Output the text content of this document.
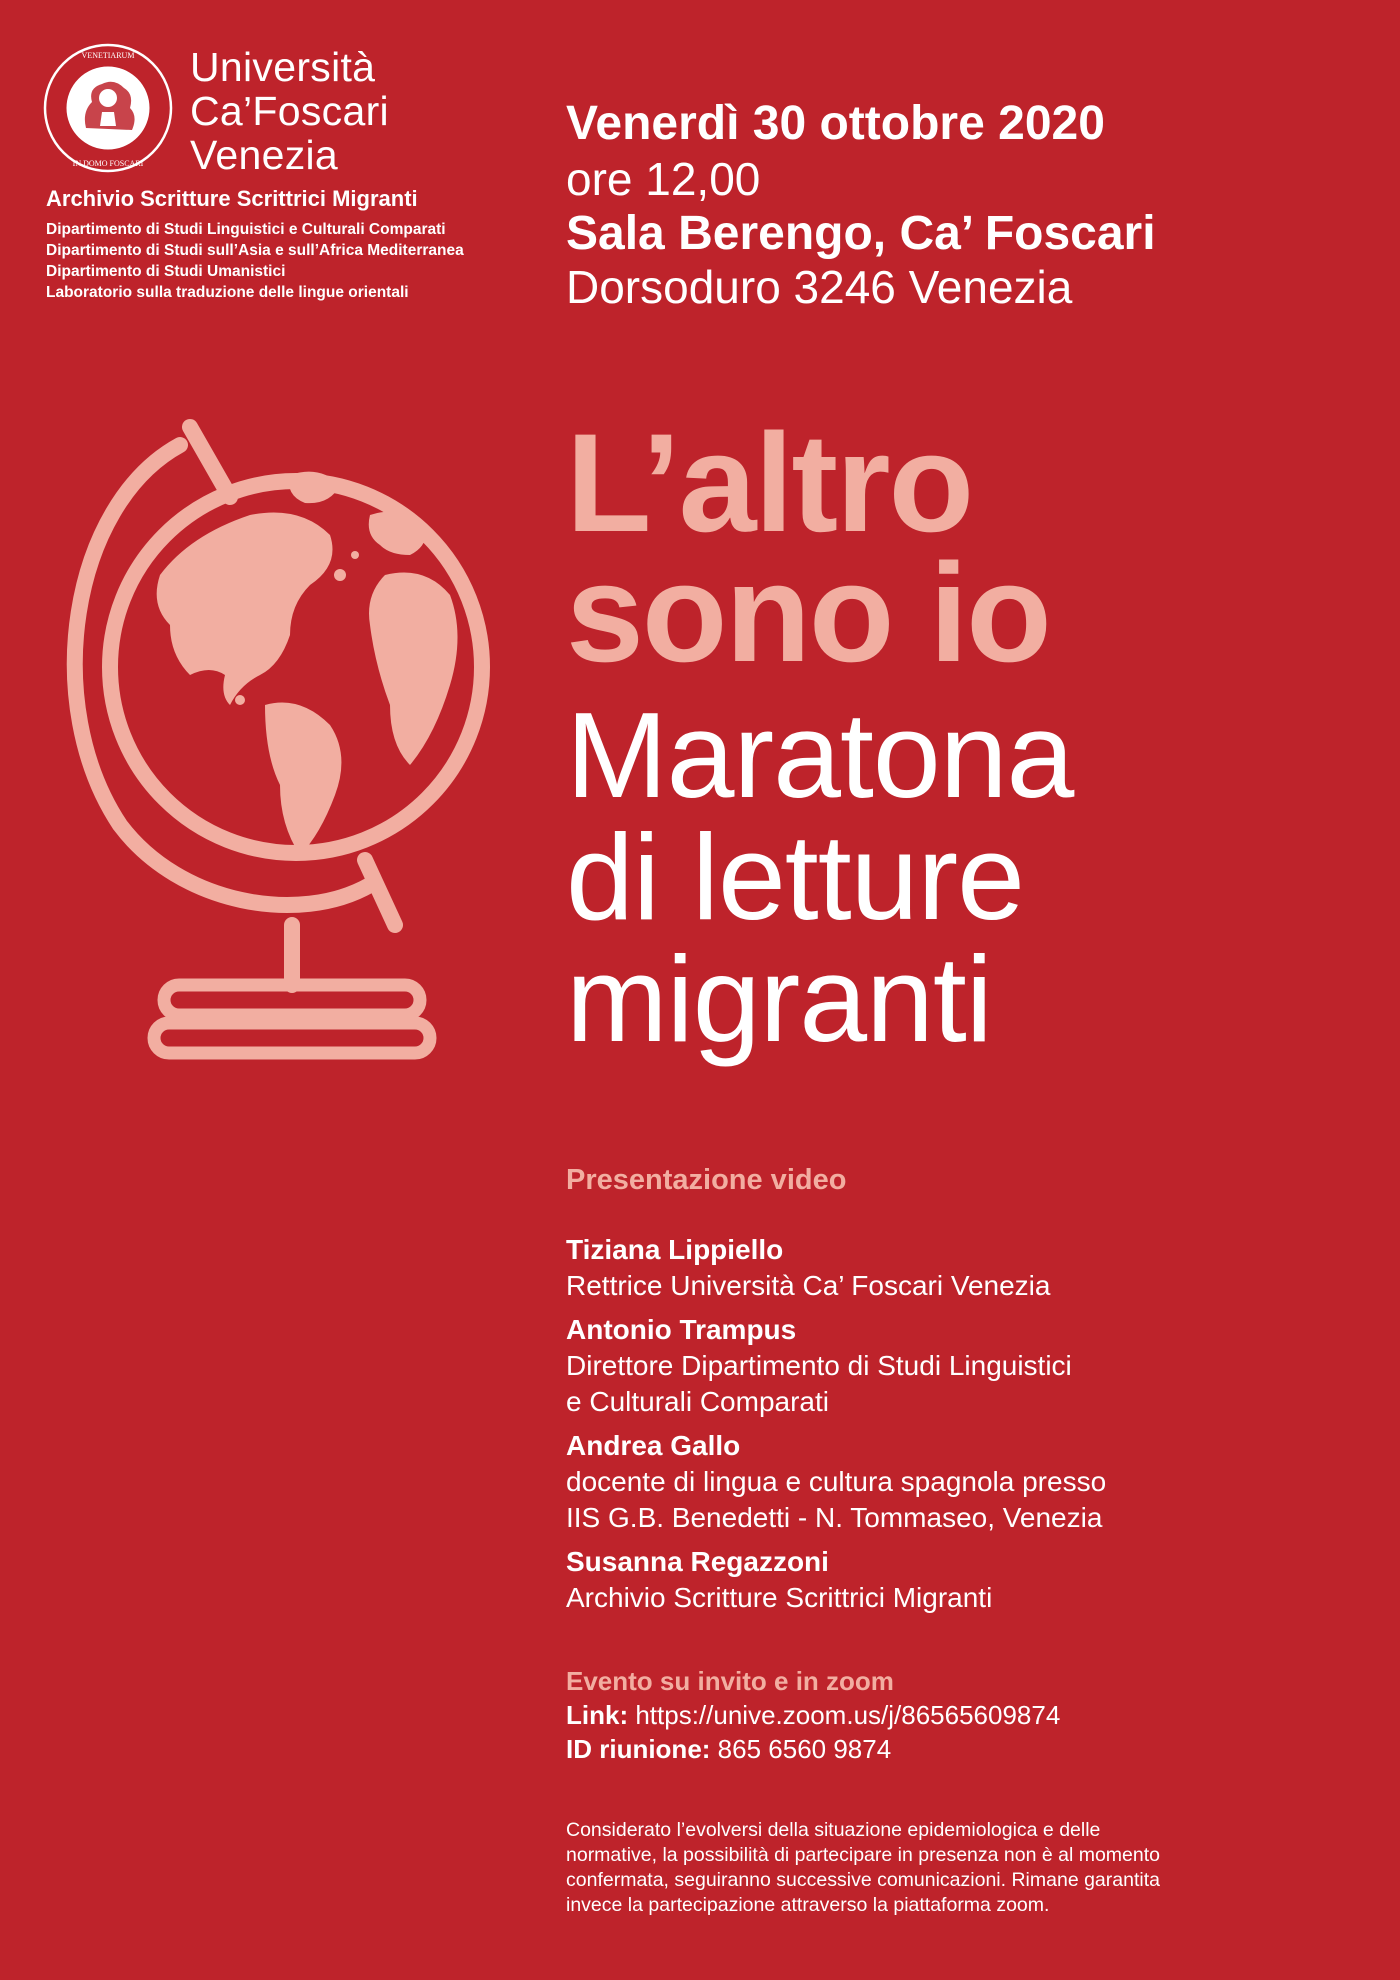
VENETIARUM
IN DOMO FOSCARI
Università
Ca’Foscari
Venezia
Archivio Scritture Scrittrici Migranti
Dipartimento di Studi Linguistici e Culturali Comparati
Dipartimento di Studi sull’Asia e sull’Africa Mediterranea
Dipartimento di Studi Umanistici
Laboratorio sulla traduzione delle lingue orientali
Venerdì 30 ottobre 2020
ore 12,00
Sala Berengo, Ca’ Foscari
Dorsoduro 3246 Venezia
L’altro
sono io
Maratona
di letture
migranti
Presentazione video
Tiziana Lippiello
Rettrice Università Ca’ Foscari Venezia
Antonio Trampus
Direttore Dipartimento di Studi Linguistici
e Culturali Comparati
Andrea Gallo
docente di lingua e cultura spagnola presso
IIS G.B. Benedetti - N. Tommaseo, Venezia
Susanna Regazzoni
Archivio Scritture Scrittrici Migranti
Evento su invito e in zoom
Link: https://unive.zoom.us/j/86565609874
ID riunione: 865 6560 9874
Considerato l’evolversi della situazione epidemiologica e delle
normative, la possibilità di partecipare in presenza non è al momento
confermata, seguiranno successive comunicazioni. Rimane garantita
invece la partecipazione attraverso la piattaforma zoom.
